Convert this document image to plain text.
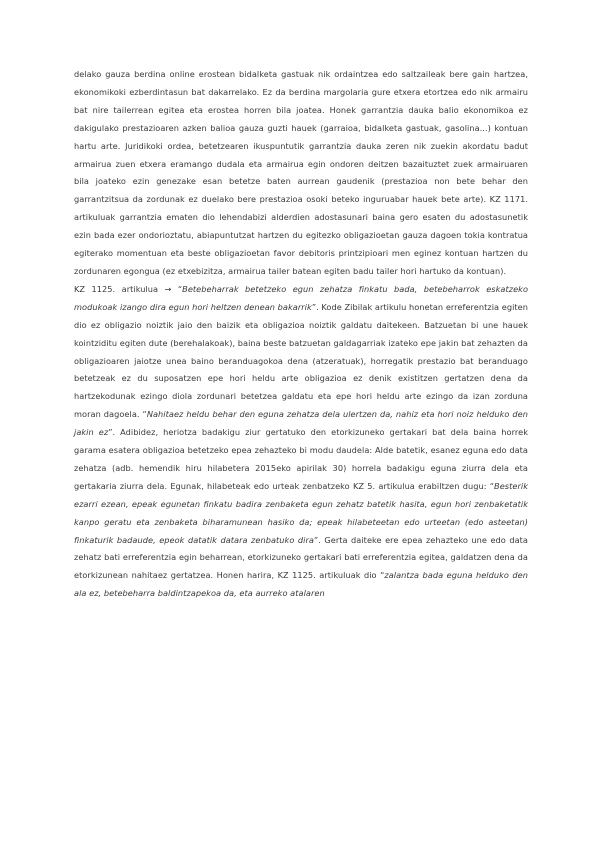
delako gauza berdina online erostean bidalketa gastuak nik ordaintzea edo saltzaileak bere gain hartzea, ekonomikoki ezberdintasun bat dakarrelako. Ez da berdina margolaria gure etxera etortzea edo nik armairu bat nire tailerrean egitea eta erostea horren bila joatea. Honek garrantzia dauka balio ekonomikoa ez dakigulako prestazioaren azken balioa gauza guzti hauek (garraioa, bidalketa gastuak, gasolina...) kontuan hartu arte. Juridikoki ordea, betetzearen ikuspuntutik garrantzia dauka zeren nik zuekin akordatu badut armairua zuen etxera eramango dudala eta armairua egin ondoren deitzen bazaituztet zuek armairuaren bila joateko ezin genezake esan betetze baten aurrean gaudenik (prestazioa non bete behar den garrantzitsua da zordunak ez duelako bere prestazioa osoki beteko inguruabar hauek bete arte). KZ 1171. artikuluak garrantzia ematen dio lehendabizi alderdien adostasunari baina gero esaten du adostasunetik ezin bada ezer ondorioztatu, abiapuntutzat hartzen du egitezko obligazioetan gauza dagoen tokia kontratua egiterako momentuan eta beste obligazioetan favor debitoris printzipioari men eginez kontuan hartzen du zordunaren egongua (ez etxebizitza, armairua tailer batean egiten badu tailer hori hartuko da kontuan).

KZ 1125. artikulua → “Betebeharrak betetzeko egun zehatza finkatu bada, betebeharrok eskatzeko modukoak izango dira egun hori heltzen denean bakarrik”. Kode Zibilak artikulu honetan erreferentzia egiten dio ez obligazio noiztik jaio den baizik eta obligazioa noiztik galdatu daitekeen. Batzuetan bi une hauek kointziditu egiten dute (berehalakoak), baina beste batzuetan galdagarriak izateko epe jakin bat zehazten da obligazioaren jaiotze unea baino beranduagokoa dena (atzeratuak), horregatik prestazio bat beranduago betetzeak ez du suposatzen epe hori heldu arte obligazioa ez denik existitzen gertatzen dena da hartzekodunak ezingo diola zordunari betetzea galdatu eta epe hori heldu arte ezingo da izan zorduna moran dagoela. “Nahitaez heldu behar den eguna zehatza dela ulertzen da, nahiz eta hori noiz helduko den jakin ez”. Adibidez, heriotza badakigu ziur gertatuko den etorkizuneko gertakari bat dela baina horrek garama esatera obligazioa betetzeko epea zehazteko bi modu daudela: Alde batetik, esanez eguna edo data zehatza (adb. hemendik hiru hilabetera 2015eko apirilak 30) horrela badakigu eguna ziurra dela eta gertakaria ziurra dela. Egunak, hilabeteak edo urteak zenbatzeko KZ 5. artikulua erabiltzen dugu: “Besterik ezarri ezean, epeak egunetan finkatu badira zenbaketa egun zehatz batetik hasita, egun hori zenbaketatik kanpo geratu eta zenbaketa biharamunean hasiko da; epeak hilabeteetan edo urteetan (edo asteetan) finkaturik badaude, epeok datatik datara zenbatuko dira”. Gerta daiteke ere epea zehazteko une edo data zehatz bati erreferentzia egin beharrean, etorkizuneko gertakari bati erreferentzia egitea, galdatzen dena da etorkizunean nahitaez gertatzea. Honen harira, KZ 1125. artikuluak dio “zalantza bada eguna helduko den ala ez, betebeharra baldintzapekoa da, eta aurreko atalaren
